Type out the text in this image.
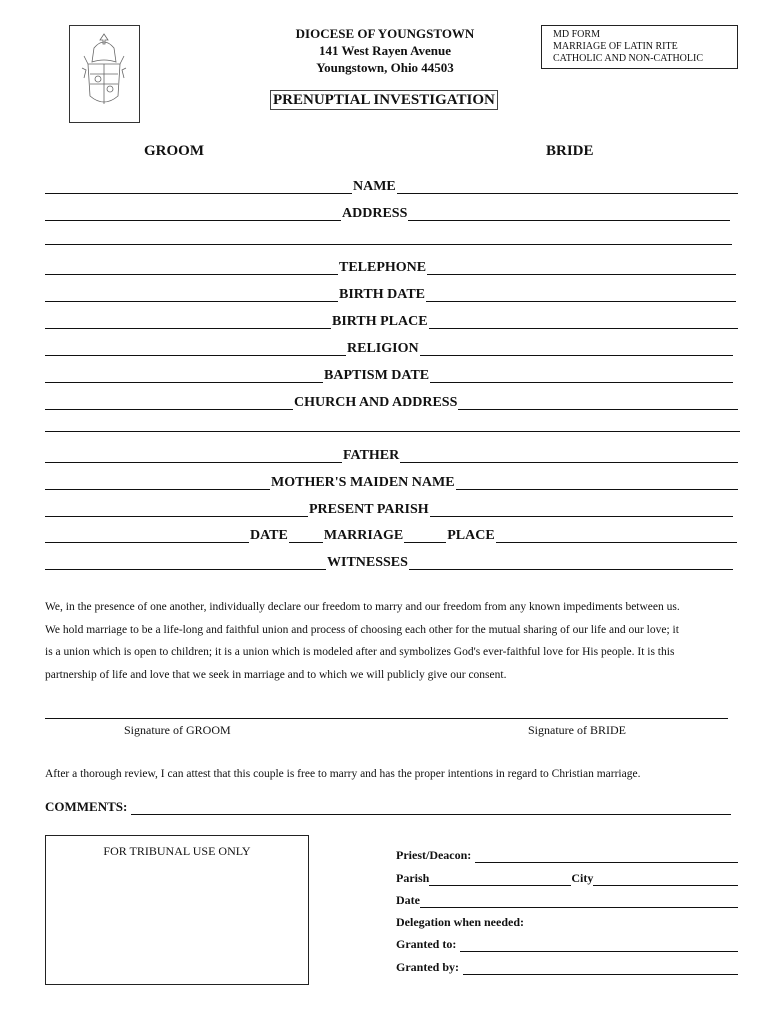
DIOCESE OF YOUNGSTOWN
141 West Rayen Avenue
Youngstown, Ohio 44503
MD FORM
MARRIAGE OF LATIN RITE
CATHOLIC AND NON-CATHOLIC
PRENUPTIAL INVESTIGATION
GROOM	BRIDE
NAME
ADDRESS
TELEPHONE
BIRTH DATE
BIRTH PLACE
RELIGION
BAPTISM DATE
CHURCH AND ADDRESS
FATHER
MOTHER'S MAIDEN NAME
PRESENT PARISH
DATE	MARRIAGE	PLACE
WITNESSES
We, in the presence of one another, individually declare our freedom to marry and our freedom from any known impediments between us.
We hold marriage to be a life-long and faithful union and process of choosing each other for the mutual sharing of our life and our love; it
is a union which is open to children; it is a union which is modeled after and symbolizes God's ever-faithful love for His people. It is this
partnership of life and love that we seek in marriage and to which we will publicly give our consent.
Signature of GROOM	Signature of BRIDE
After a thorough review, I can attest that this couple is free to marry and has the proper intentions in regard to Christian marriage.
COMMENTS:
FOR TRIBUNAL USE ONLY	Priest/Deacon:
Parish	City
Date
Delegation when needed:
Granted to:
Granted by:
